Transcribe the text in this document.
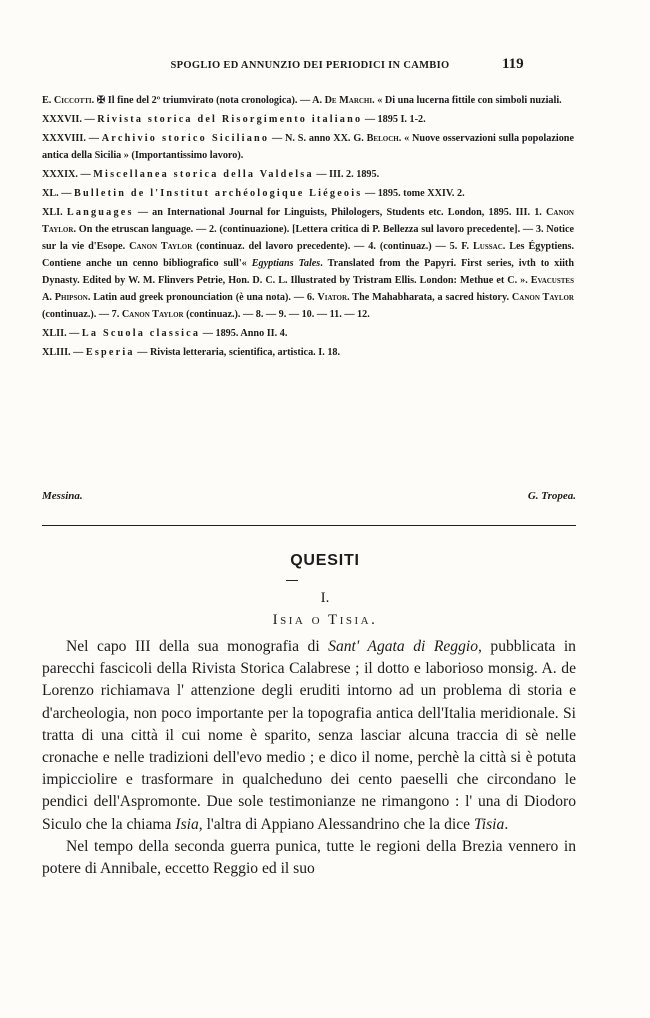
SPOGLIO ED ANNUNZIO DEI PERIODICI IN CAMBIO	119

E. Ciccotti. ✠ Il fine del 2º triumvirato (nota cronologica). — A. De Marchi. « Di una lucerna fittile con simboli nuziali.

XXXVII. — Rivista storica del Risorgimento italiano — 1895 I. 1-2.

XXXVIII. — Archivio storico Siciliano — N. S. anno XX. G. Beloch. « Nuove osservazioni sulla popolazione antica della Sicilia » (Importantissimo lavoro).

XXXIX. — Miscellanea storica della Valdelsa — III. 2. 1895.

XL. — Bulletin de l'Institut archéologique Liégeois — 1895. tome XXIV. 2.

XLI. Languages — an International Journal for Linguists, Philologers, Students etc. London, 1895. III. 1. Canon Taylor. On the etruscan language. — 2. (continuazione). [Lettera critica di P. Bellezza sul lavoro precedente]. — 3. Notice sur la vie d'Esope. Canon Taylor (continuaz. del lavoro precedente). — 4. (continuaz.) — 5. F. Lussac. Les Égyptiens. Contiene anche un cenno bibliografico sull'« Egyptians Tales. Translated from the Papyri. First series, ivth to xiith Dynasty. Edited by W. M. Flinvers Petrie, Hon. D. C. L. Illustrated by Tristram Ellis. London: Methue et C. ». Evacustes A. Phipson. Latin aud greek pronounciation (è una nota). — 6. Viator. The Mahabharata, a sacred history. Canon Taylor (continuaz.). — 7. Canon Taylor (continuaz.). — 8. — 9. — 10. — 11. — 12.

XLII. — La Scuola classica — 1895. Anno II. 4.

XLIII. — Esperia — Rivista letteraria, scientifica, artistica. I. 18.

Messina.	G. Tropea.
QUESITI
I.
Isia o Tisia.

Nel capo III della sua monografia di Sant' Agata di Reggio, pubblicata in parecchi fascicoli della Rivista Storica Calabrese ; il dotto e laborioso monsig. A. de Lorenzo richiamava l' attenzione degli eruditi intorno ad un problema di storia e d'archeologia, non poco importante per la topografia antica dell'Italia meridionale. Si tratta di una città il cui nome è sparito, senza lasciar alcuna traccia di sè nelle cronache e nelle tradizioni dell'evo medio ; e dico il nome, perchè la città si è potuta impicciolire e trasformare in qualcheduno dei cento paeselli che circondano le pendici dell'Aspromonte. Due sole testimonianze ne rimangono : l' una di Diodoro Siculo che la chiama Isia, l'altra di Appiano Alessandrino che la dice Tisia.

Nel tempo della seconda guerra punica, tutte le regioni della Brezia vennero in potere di Annibale, eccetto Reggio ed il suo
